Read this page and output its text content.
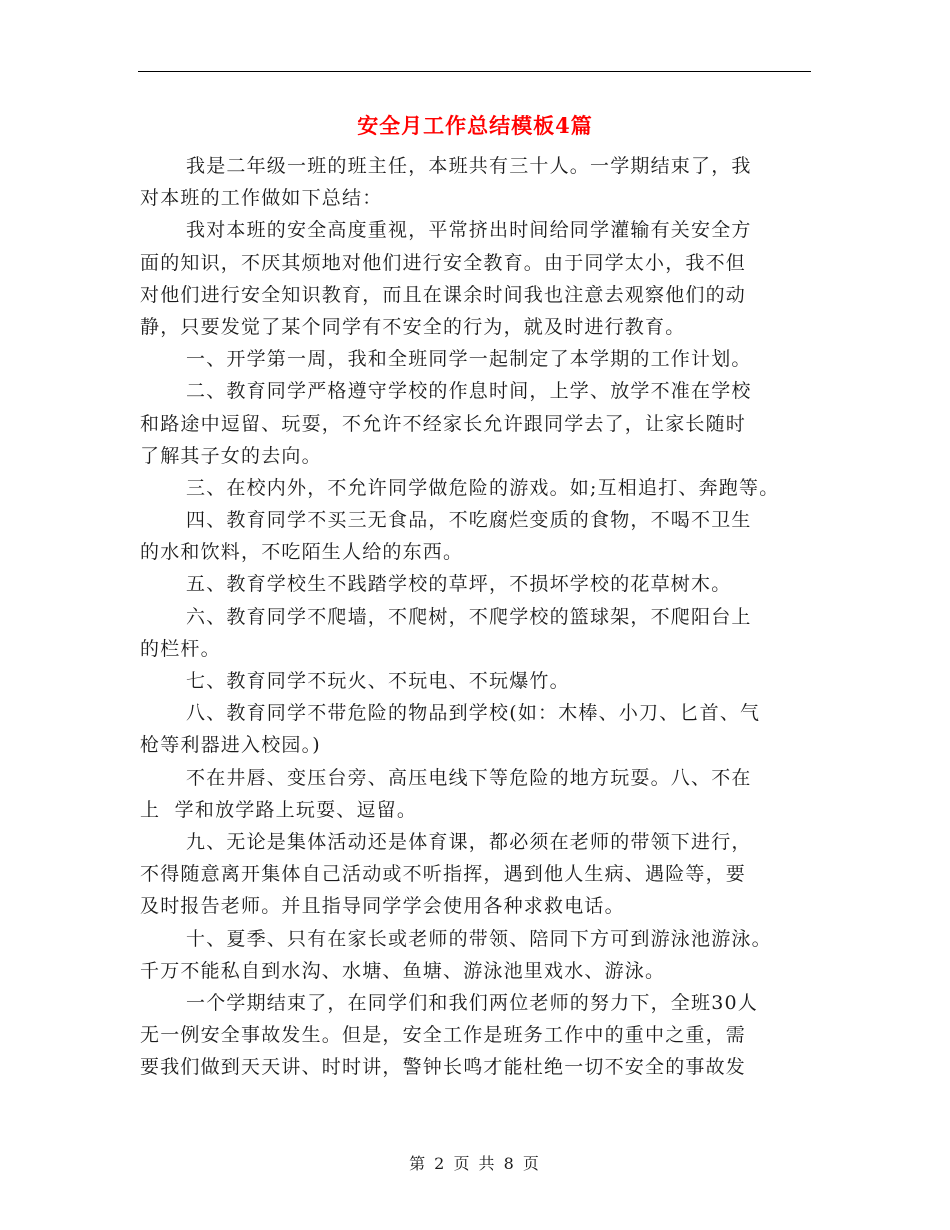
安全月工作总结模板4篇
我是二年级一班的班主任，本班共有三十人。一学期结束了，我
对本班的工作做如下总结：
我对本班的安全高度重视，平常挤出时间给同学灌输有关安全方
面的知识，不厌其烦地对他们进行安全教育。由于同学太小，我不但
对他们进行安全知识教育，而且在课余时间我也注意去观察他们的动
静，只要发觉了某个同学有不安全的行为，就及时进行教育。
一、开学第一周，我和全班同学一起制定了本学期的工作计划。
二、教育同学严格遵守学校的作息时间，上学、放学不准在学校
和路途中逗留、玩耍，不允许不经家长允许跟同学去了，让家长随时
了解其子女的去向。
三、在校内外，不允许同学做危险的游戏。如;互相追打、奔跑等。
四、教育同学不买三无食品，不吃腐烂变质的食物，不喝不卫生
的水和饮料，不吃陌生人给的东西。
五、教育学校生不践踏学校的草坪，不损坏学校的花草树木。
六、教育同学不爬墙，不爬树，不爬学校的篮球架，不爬阳台上
的栏杆。
七、教育同学不玩火、不玩电、不玩爆竹。
八、教育同学不带危险的物品到学校(如：木棒、小刀、匕首、气
枪等利器进入校园。)
不在井唇、变压台旁、高压电线下等危险的地方玩耍。八、不在
上  学和放学路上玩耍、逗留。
九、无论是集体活动还是体育课，都必须在老师的带领下进行，
不得随意离开集体自己活动或不听指挥，遇到他人生病、遇险等，要
及时报告老师。并且指导同学学会使用各种求救电话。
十、夏季、只有在家长或老师的带领、陪同下方可到游泳池游泳。
千万不能私自到水沟、水塘、鱼塘、游泳池里戏水、游泳。
一个学期结束了，在同学们和我们两位老师的努力下，全班30人
无一例安全事故发生。但是，安全工作是班务工作中的重中之重，需
要我们做到天天讲、时时讲，警钟长鸣才能杜绝一切不安全的事故发
第 2 页 共 8 页
